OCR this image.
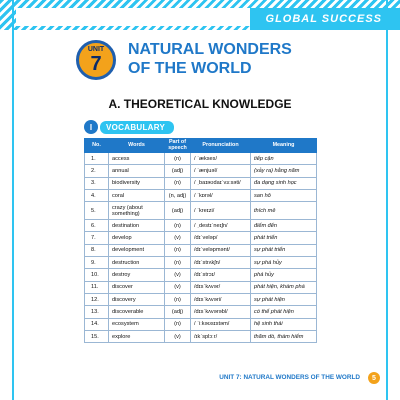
GLOBAL SUCCESS
UNIT
7
NATURAL WONDERS
OF THE WORLD
A. THEORETICAL KNOWLEDGE
I	VOCABULARY
No.	Words	Part of speech	Pronunciation	Meaning
1.	access	(n)	/ ˈækses/	tiếp cận
2.	annual	(adj)	/ ˈænjuəl/	(xảy ra) hằng năm
3.	biodiversity	(n)	/ ˌbaɪəʊdaɪˈvɜːsəti/	đa dạng sinh học
4.	coral	(n, adj)	/ ˈkɒrəl/	san hô
5.	crazy (about something)	(adj)	/ ˈkreɪzi/	thích mê
6.	destination	(n)	/ ˌdestɪˈneɪʃn/	điểm đến
7.	develop	(v)	/dɪˈveləp/	phát triển
8.	development	(n)	/dɪˈveləpmənt/	sự phát triển
9.	destruction	(n)	/dɪˈstrʌkʃn/	sự phá hủy
10.	destroy	(v)	/dɪˈstrɔɪ/	phá hủy
11.	discover	(v)	/dɪsˈkʌvər/	phát hiện, khám phá
12.	discovery	(n)	/dɪsˈkʌvəri/	sự phát hiện
13.	discoverable	(adj)	/dɪsˈkʌvərəbl/	có thể phát hiện
14.	ecosystem	(n)	/ ˈiːkəʊsɪstəm/	hệ sinh thái
15.	explore	(v)	/ɪkˈsplɔːr/	thăm dò, thám hiểm
UNIT 7: NATURAL WONDERS OF THE WORLD	5
